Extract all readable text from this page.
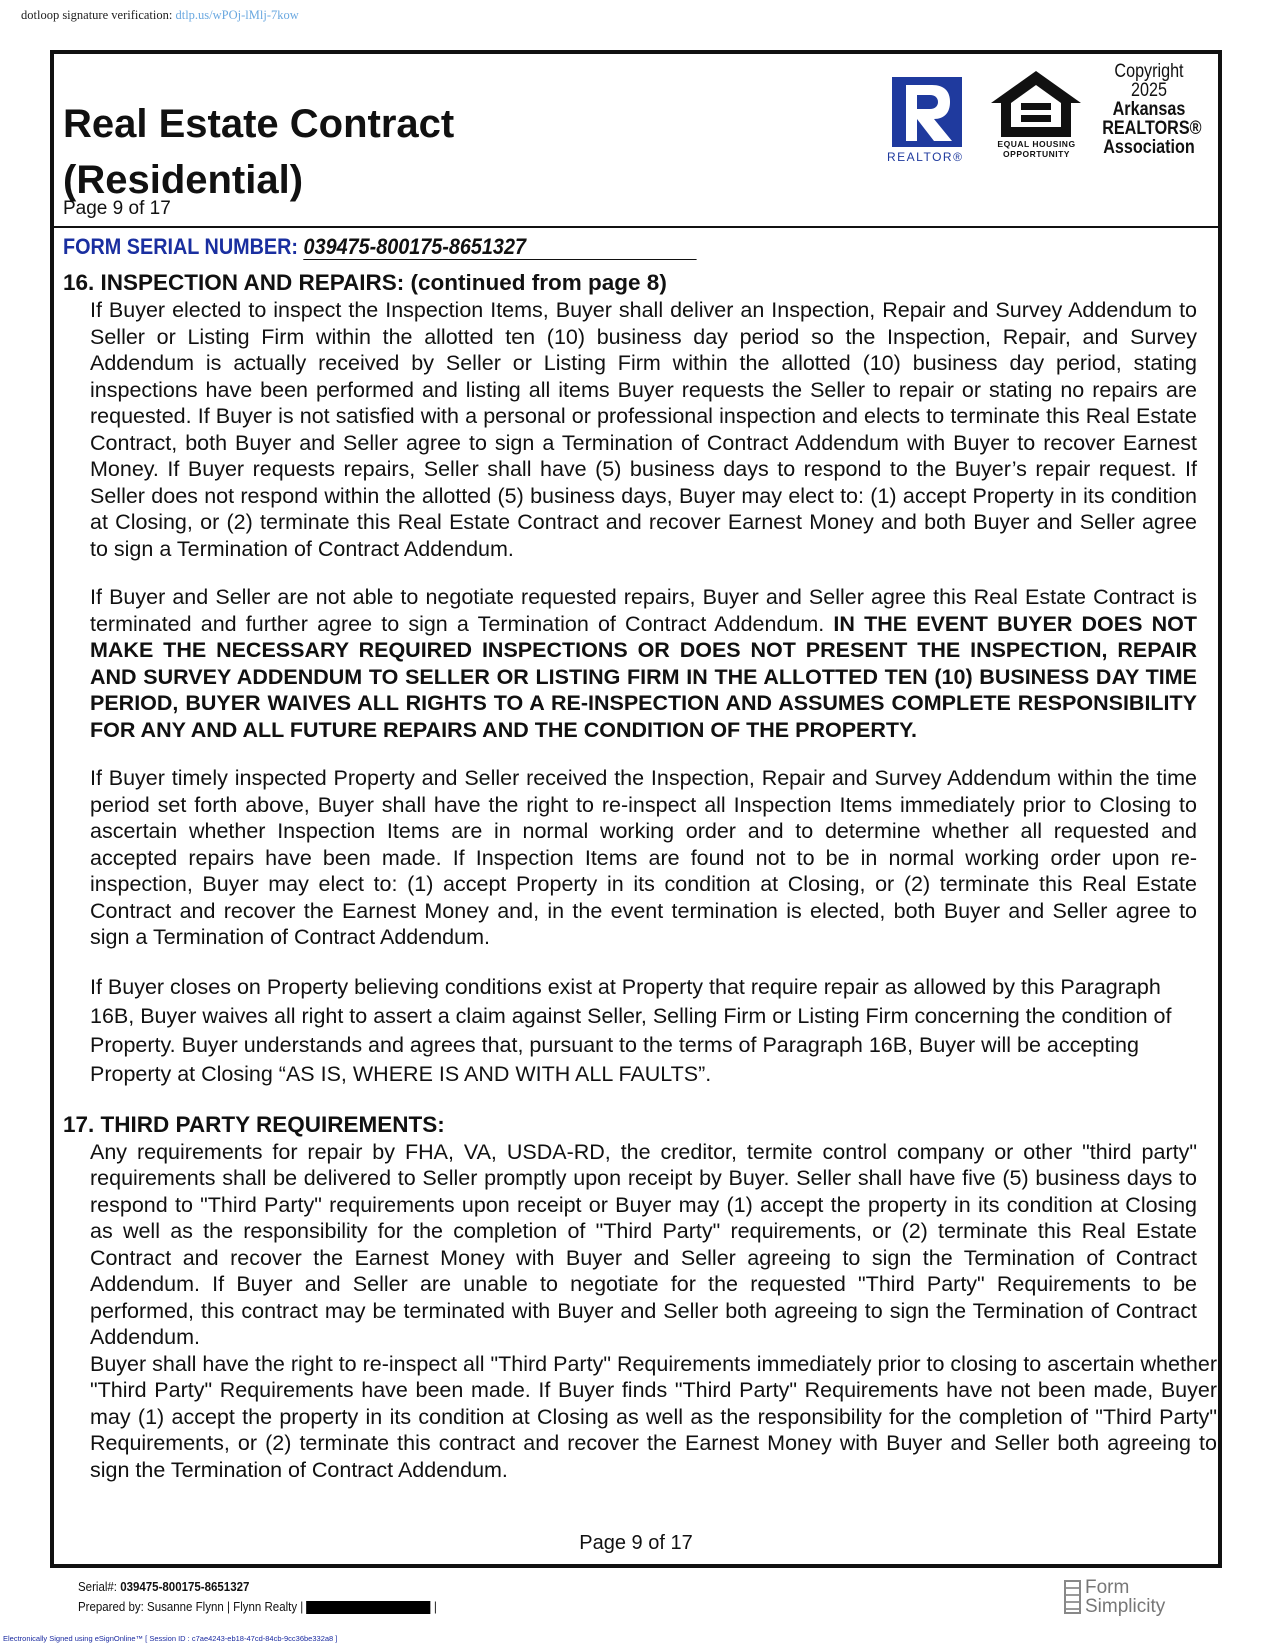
dotloop signature verification: dtlp.us/wPOj-lMlj-7kow
Real Estate Contract
(Residential)
Page 9 of 17
REALTOR®
EQUAL HOUSING
OPPORTUNITY
Copyright
2025
Arkansas
REALTORS®
Association
FORM SERIAL NUMBER: 039475-800175-8651327
16. INSPECTION AND REPAIRS: (continued from page 8)

If Buyer elected to inspect the Inspection Items, Buyer shall deliver an Inspection, Repair and Survey Addendum to Seller or Listing Firm within the allotted ten (10) business day period so the Inspection, Repair, and Survey Addendum is actually received by Seller or Listing Firm within the allotted (10) business day period, stating inspections have been performed and listing all items Buyer requests the Seller to repair or stating no repairs are requested. If Buyer is not satisfied with a personal or professional inspection and elects to terminate this Real Estate Contract, both Buyer and Seller agree to sign a Termination of Contract Addendum with Buyer to recover Earnest Money. If Buyer requests repairs, Seller shall have (5) business days to respond to the Buyer’s repair request. If Seller does not respond within the allotted (5) business days, Buyer may elect to: (1) accept Property in its condition at Closing, or (2) terminate this Real Estate Contract and recover Earnest Money and both Buyer and Seller agree to sign a Termination of Contract Addendum.

If Buyer and Seller are not able to negotiate requested repairs, Buyer and Seller agree this Real Estate Contract is terminated and further agree to sign a Termination of Contract Addendum. IN THE EVENT BUYER DOES NOT MAKE THE NECESSARY REQUIRED INSPECTIONS OR DOES NOT PRESENT THE INSPECTION, REPAIR AND SURVEY ADDENDUM TO SELLER OR LISTING FIRM IN THE ALLOTTED TEN (10) BUSINESS DAY TIME PERIOD, BUYER WAIVES ALL RIGHTS TO A RE-INSPECTION AND ASSUMES COMPLETE RESPONSIBILITY FOR ANY AND ALL FUTURE REPAIRS AND THE CONDITION OF THE PROPERTY.

If Buyer timely inspected Property and Seller received the Inspection, Repair and Survey Addendum within the time period set forth above, Buyer shall have the right to re-inspect all Inspection Items immediately prior to Closing to ascertain whether Inspection Items are in normal working order and to determine whether all requested and accepted repairs have been made. If Inspection Items are found not to be in normal working order upon re-inspection, Buyer may elect to: (1) accept Property in its condition at Closing, or (2) terminate this Real Estate Contract and recover the Earnest Money and, in the event termination is elected, both Buyer and Seller agree to sign a Termination of Contract Addendum.

If Buyer closes on Property believing conditions exist at Property that require repair as allowed by this Paragraph 16B, Buyer waives all right to assert a claim against Seller, Selling Firm or Listing Firm concerning the condition of Property. Buyer understands and agrees that, pursuant to the terms of Paragraph 16B, Buyer will be accepting Property at Closing “AS IS, WHERE IS AND WITH ALL FAULTS”.

17. THIRD PARTY REQUIREMENTS:

Any requirements for repair by FHA, VA, USDA-RD, the creditor, termite control company or other "third party" requirements shall be delivered to Seller promptly upon receipt by Buyer. Seller shall have five (5) business days to respond to "Third Party" requirements upon receipt or Buyer may (1) accept the property in its condition at Closing as well as the responsibility for the completion of "Third Party" requirements, or (2) terminate this Real Estate Contract and recover the Earnest Money with Buyer and Seller agreeing to sign the Termination of Contract Addendum. If Buyer and Seller are unable to negotiate for the requested "Third Party" Requirements to be performed, this contract may be terminated with Buyer and Seller both agreeing to sign the Termination of Contract Addendum.

Buyer shall have the right to re-inspect all "Third Party" Requirements immediately prior to closing to ascertain whether "Third Party" Requirements have been made. If Buyer finds "Third Party" Requirements have not been made, Buyer may (1) accept the property in its condition at Closing as well as the responsibility for the completion of "Third Party" Requirements, or (2) terminate this contract and recover the Earnest Money with Buyer and Seller both agreeing to sign the Termination of Contract Addendum.

Page 9 of 17
Serial#: 039475-800175-8651327
Prepared by: Susanne Flynn | Flynn Realty |	|
Form
Simplicity
Electronically Signed using eSignOnline™ [ Session ID : c7ae4243-eb18-47cd-84cb-9cc36be332a8 ]
